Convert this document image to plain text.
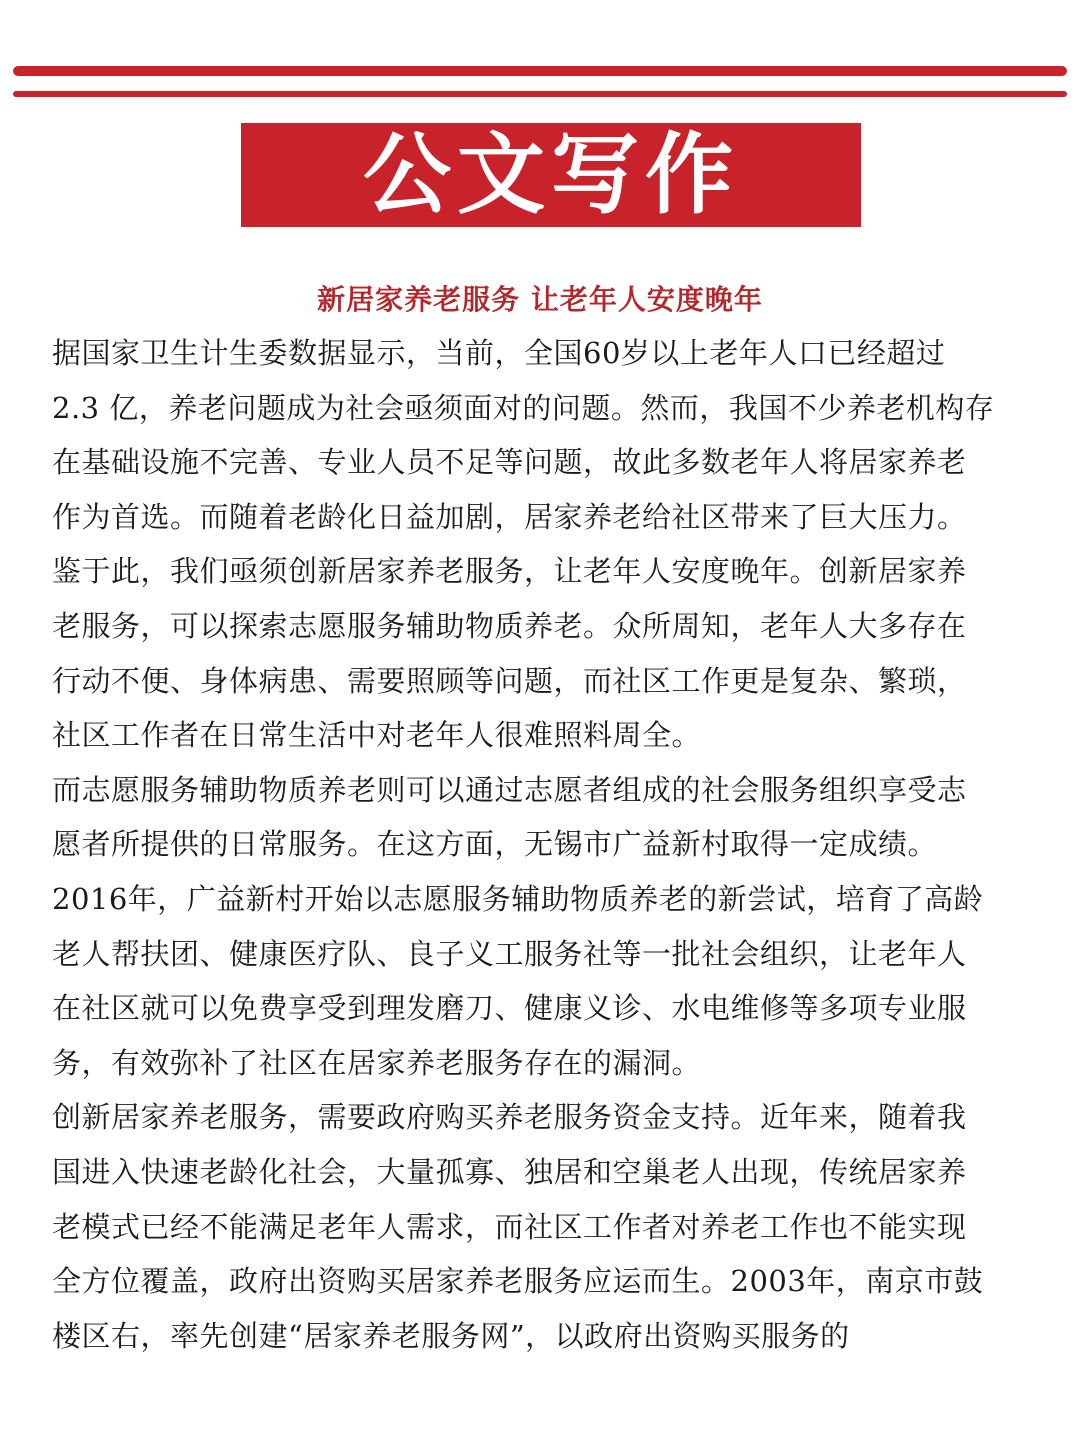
公文写作
新居家养老服务 让老年人安度晚年
据国家卫生计生委数据显示，当前，全国60岁以上老年人口已经超过
2.3 亿，养老问题成为社会亟须面对的问题。然而，我国不少养老机构存
在基础设施不完善、专业人员不足等问题，故此多数老年人将居家养老
作为首选。而随着老龄化日益加剧，居家养老给社区带来了巨大压力。
鉴于此，我们亟须创新居家养老服务，让老年人安度晚年。创新居家养
老服务，可以探索志愿服务辅助物质养老。众所周知，老年人大多存在
行动不便、身体病患、需要照顾等问题，而社区工作更是复杂、繁琐，
社区工作者在日常生活中对老年人很难照料周全。
而志愿服务辅助物质养老则可以通过志愿者组成的社会服务组织享受志
愿者所提供的日常服务。在这方面，无锡市广益新村取得一定成绩。
2016年，广益新村开始以志愿服务辅助物质养老的新尝试，培育了高龄
老人帮扶团、健康医疗队、良子义工服务社等一批社会组织，让老年人
在社区就可以免费享受到理发磨刀、健康义诊、水电维修等多项专业服
务，有效弥补了社区在居家养老服务存在的漏洞。
创新居家养老服务，需要政府购买养老服务资金支持。近年来，随着我
国进入快速老龄化社会，大量孤寡、独居和空巢老人出现，传统居家养
老模式已经不能满足老年人需求，而社区工作者对养老工作也不能实现
全方位覆盖，政府出资购买居家养老服务应运而生。2003年，南京市鼓
楼区右，率先创建“居家养老服务网”，以政府出资购买服务的
